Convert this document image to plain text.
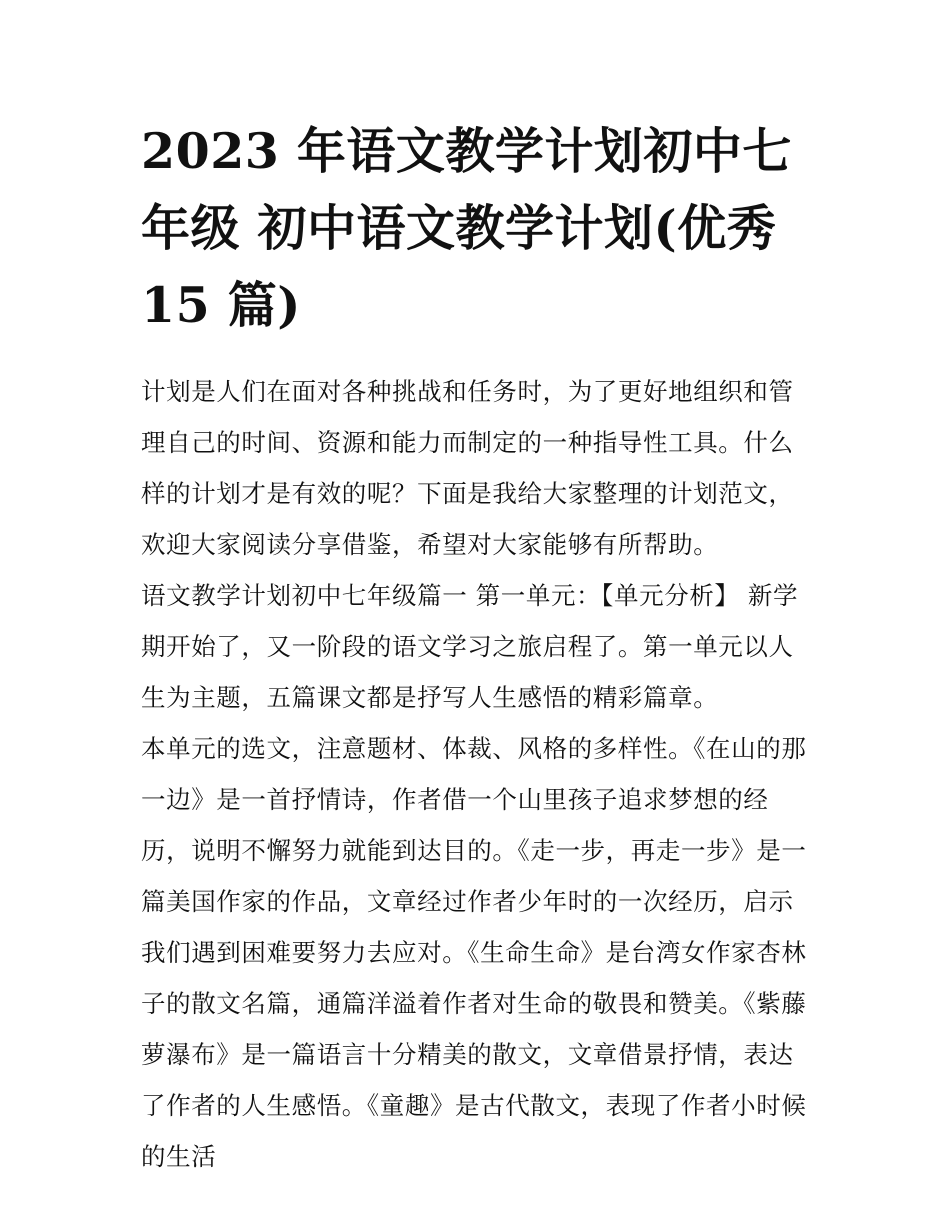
2023 年语文教学计划初中七年级 初中语文教学计划(优秀 15 篇)

计划是人们在面对各种挑战和任务时，为了更好地组织和管理自己的时间、资源和能力而制定的一种指导性工具。什么样的计划才是有效的呢？下面是我给大家整理的计划范文，欢迎大家阅读分享借鉴，希望对大家能够有所帮助。

语文教学计划初中七年级篇一 第一单元：【单元分析】 新学期开始了，又一阶段的语文学习之旅启程了。第一单元以人生为主题，五篇课文都是抒写人生感悟的精彩篇章。

本单元的选文，注意题材、体裁、风格的多样性。《在山的那一边》是一首抒情诗，作者借一个山里孩子追求梦想的经历，说明不懈努力就能到达目的。《走一步，再走一步》是一篇美国作家的作品，文章经过作者少年时的一次经历，启示我们遇到困难要努力去应对。《生命生命》是台湾女作家杏林子的散文名篇，通篇洋溢着作者对生命的敬畏和赞美。《紫藤萝瀑布》是一篇语言十分精美的散文，文章借景抒情，表达了作者的人生感悟。《童趣》是古代散文，表现了作者小时候的生活
